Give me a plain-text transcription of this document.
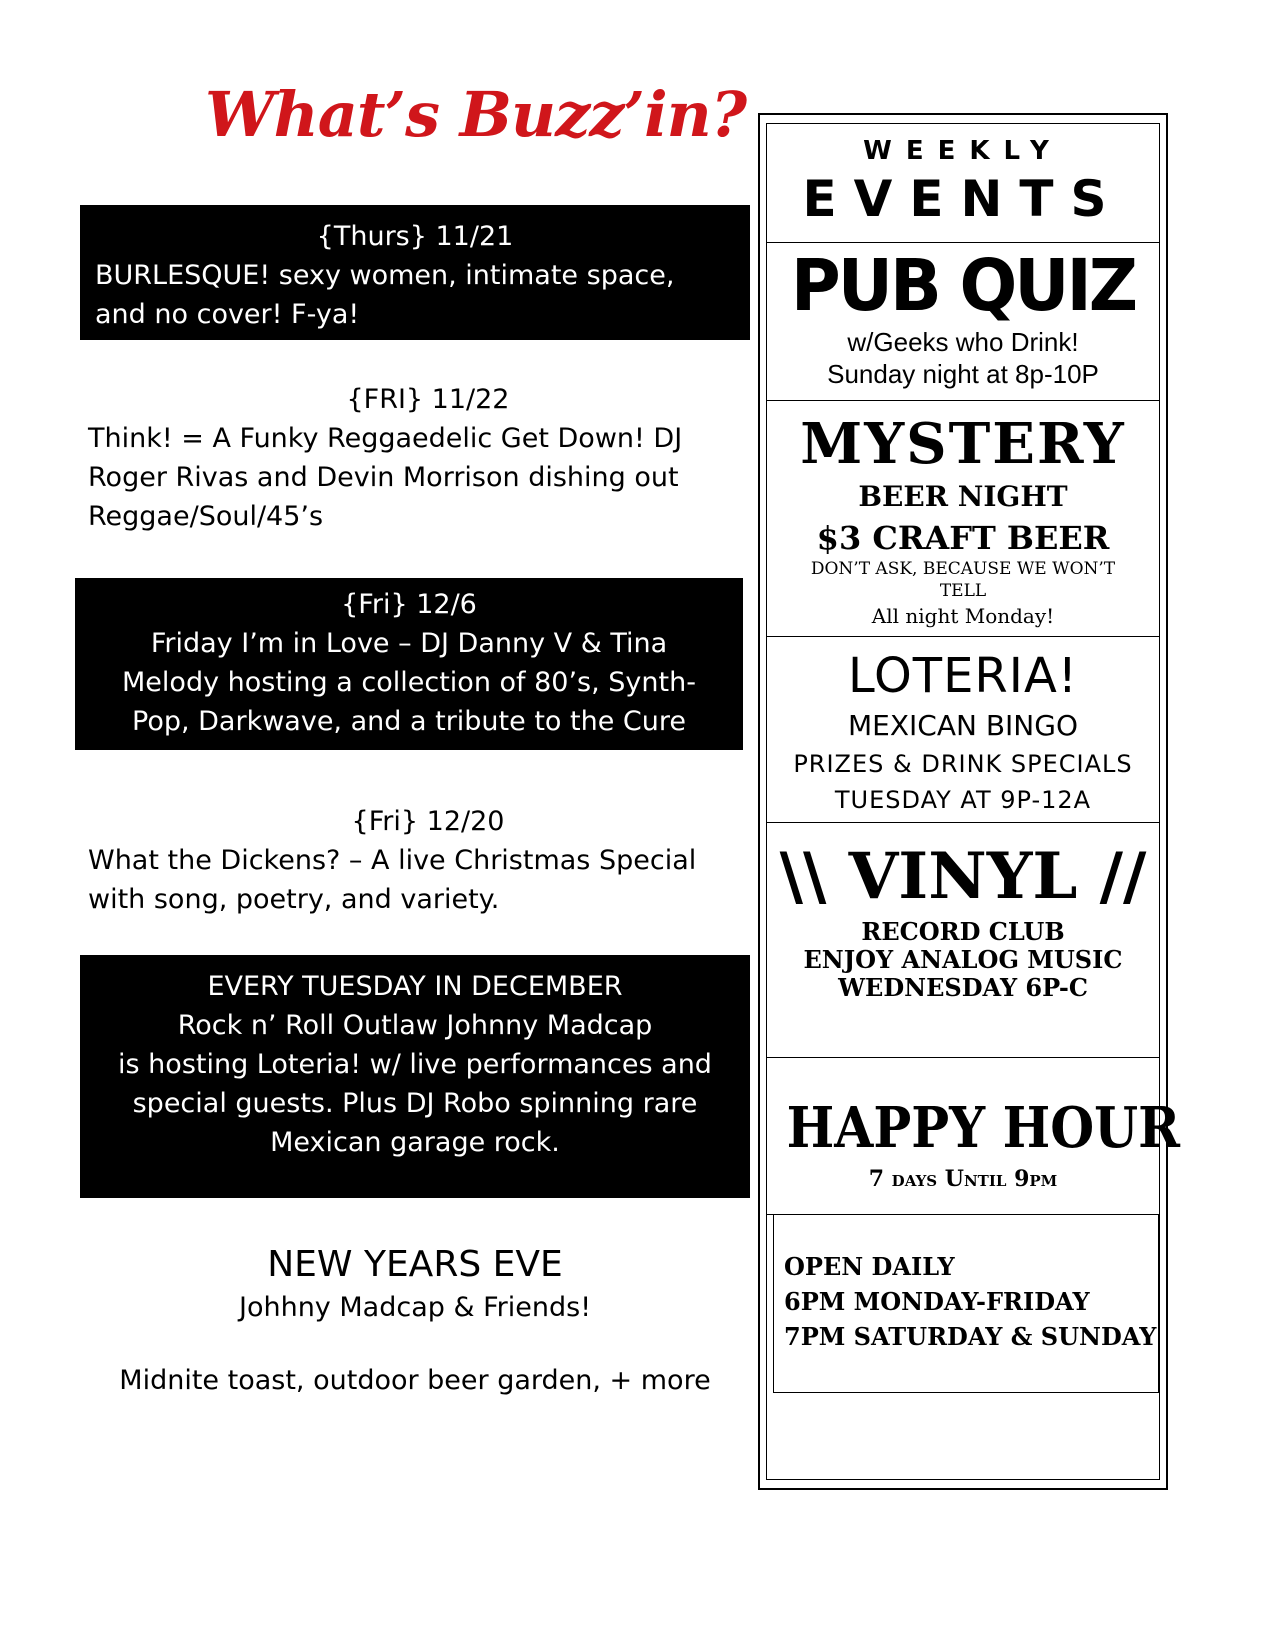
What’s Buzz’in?
{Thurs} 11/21
BURLESQUE! sexy women, intimate space,
and no cover! F-ya!
{FRI} 11/22
Think! = A Funky Reggaedelic Get Down! DJ
Roger Rivas and Devin Morrison dishing out
Reggae/Soul/45’s
{Fri} 12/6
Friday I’m in Love – DJ Danny V & Tina
Melody hosting a collection of 80’s, Synth-
Pop, Darkwave, and a tribute to the Cure
{Fri} 12/20
What the Dickens? – A live Christmas Special
with song, poetry, and variety.
EVERY TUESDAY IN DECEMBER
Rock n’ Roll Outlaw Johnny Madcap
is hosting Loteria! w/ live performances and
special guests. Plus DJ Robo spinning rare
Mexican garage rock.
NEW YEARS EVE
Johhny Madcap & Friends!
Midnite toast, outdoor beer garden, + more
WEEKLY
EVENTS
PUB QUIZ
w/Geeks who Drink!
Sunday night at 8p-10P
MYSTERY
BEER NIGHT
$3 CRAFT BEER
DON’T ASK, BECAUSE WE WON’T
TELL
All night Monday!
LOTERIA!
MEXICAN BINGO
PRIZES & DRINK SPECIALS
TUESDAY AT 9P-12A
\\ VINYL //
RECORD CLUB
ENJOY ANALOG MUSIC
WEDNESDAY 6P-C
HAPPY HOUR
7 days Until 9pm
OPEN DAILY
6PM MONDAY-FRIDAY
7PM SATURDAY & SUNDAY
